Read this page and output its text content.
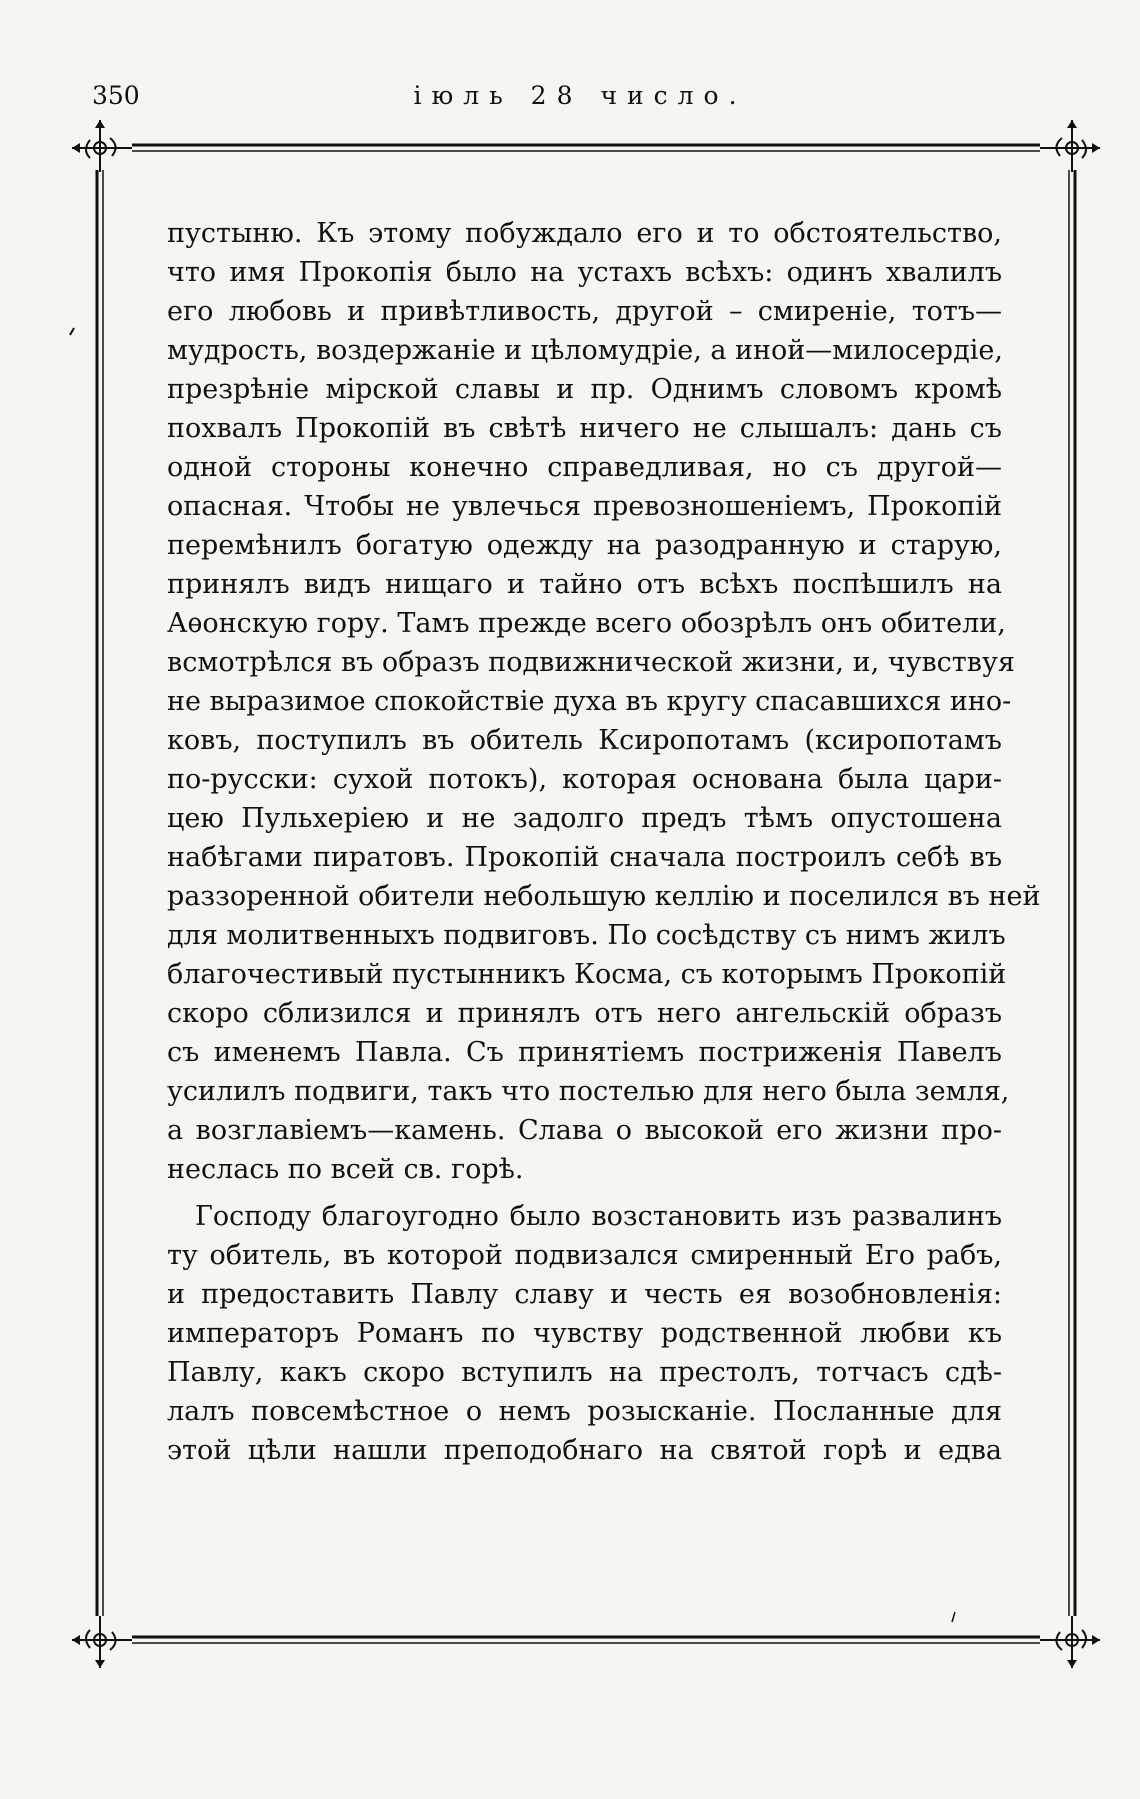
350	іюль 28 число.
пустыню. Къ этому побуждало его и то обстоятельство,
что имя Прокопія было на устахъ всѣхъ: одинъ хвалилъ
его любовь и привѣтливость, другой – смиреніе, тотъ—
мудрость, воздержаніе и цѣломудріе, а иной—милосердіе,
презрѣніе мірской славы и пр. Однимъ словомъ кромѣ
похвалъ Прокопій въ свѣтѣ ничего не слышалъ: дань съ
одной стороны конечно справедливая, но съ другой—
опасная. Чтобы не увлечься превозношеніемъ, Прокопій
перемѣнилъ богатую одежду на разодранную и старую,
принялъ видъ нищаго и тайно отъ всѣхъ поспѣшилъ на
Аѳонскую гору. Тамъ прежде всего обозрѣлъ онъ обители,
всмотрѣлся въ образъ подвижнической жизни, и, чувствуя
не выразимое спокойствіе духа въ кругу спасавшихся ино-
ковъ, поступилъ въ обитель Ксиропотамъ (ксиропотамъ
по-русски: сухой потокъ), которая основана была цари-
цею Пульхеріею и не задолго предъ тѣмъ опустошена
набѣгами пиратовъ. Прокопій сначала построилъ себѣ въ
раззоренной обители небольшую келлію и поселился въ ней
для молитвенныхъ подвиговъ. По сосѣдству съ нимъ жилъ
благочестивый пустынникъ Косма, съ которымъ Прокопій
скоро сблизился и принялъ отъ него ангельскій образъ
съ именемъ Павла. Съ принятіемъ постриженія Павелъ
усилилъ подвиги, такъ что постелью для него была земля,
а возглавіемъ—камень. Слава о высокой его жизни про-
неслась по всей св. горѣ.
Господу благоугодно было возстановить изъ развалинъ
ту обитель, въ которой подвизался смиренный Его рабъ,
и предоставить Павлу славу и честь ея возобновленія:
императоръ Романъ по чувству родственной любви къ
Павлу, какъ скоро вступилъ на престолъ, тотчасъ сдѣ-
лалъ повсемѣстное о немъ розысканіе. Посланные для
этой цѣли нашли преподобнаго на святой горѣ и едва
